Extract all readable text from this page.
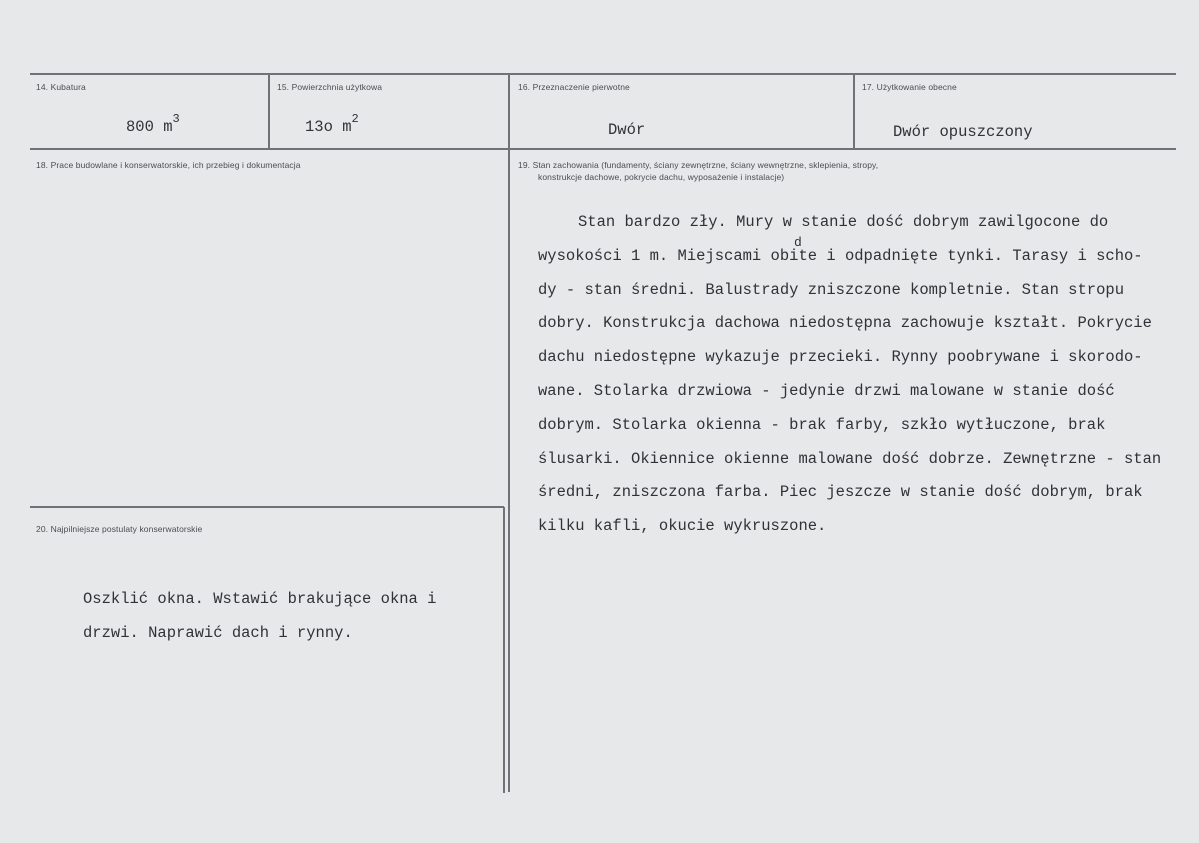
14. Kubatura
800 $m^3$
15. Powierzchnia użytkowa
13o $m^2$
16. Przeznaczenie pierwotne
Dwór
17. Użytkowanie obecne
Dwór opuszczony
18. Prace budowlane i konserwatorskie, ich przebieg i dokumentacja	19. Stan zachowania (fundamenty, ściany zewnętrzne, ściany wewnętrzne, sklepienia, stropy,
konstrukcje dachowe, pokrycie dachu, wyposażenie i instalacje)
d
Stan bardzo zły. Mury w stanie dość dobrym zawilgocone do
wysokości 1 m. Miejscami obite i odpadnięte tynki. Tarasy i scho-
dy - stan średni. Balustrady zniszczone kompletnie. Stan stropu
dobry. Konstrukcja dachowa niedostępna zachowuje kształt. Pokrycie
dachu niedostępne wykazuje przecieki. Rynny poobrywane i skorodo-
wane. Stolarka drzwiowa - jedynie drzwi malowane w stanie dość
dobrym. Stolarka okienna - brak farby, szkło wytłuczone, brak
ślusarki. Okiennice okienne malowane dość dobrze. Zewnętrzne - stan
średni, zniszczona farba. Piec jeszcze w stanie dość dobrym, brak
kilku kafli, okucie wykruszone.
20. Najpilniejsze postulaty konserwatorskie
Oszklić okna. Wstawić brakujące okna i
drzwi. Naprawić dach i rynny.
